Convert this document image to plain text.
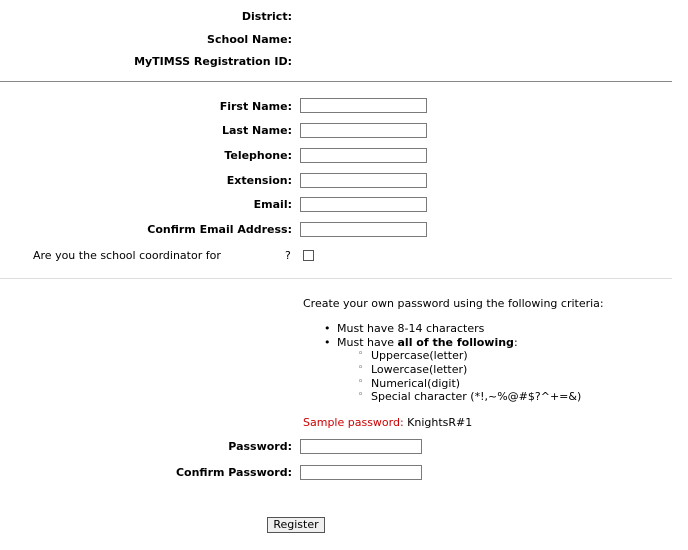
District:
School Name:
MyTIMSS Registration ID:
First Name:
Last Name:
Telephone:
Extension:
Email:
Confirm Email Address:
Are you the school coordinator for	?
Create your own password using the following criteria:
• Must have 8-14 characters
• Must have all of the following:
◦ Uppercase(letter)
◦ Lowercase(letter)
◦ Numerical(digit)
◦ Special character (*!,~%@#$?^+=&)
Sample password: KnightsR#1
Password:
Confirm Password:
Register
